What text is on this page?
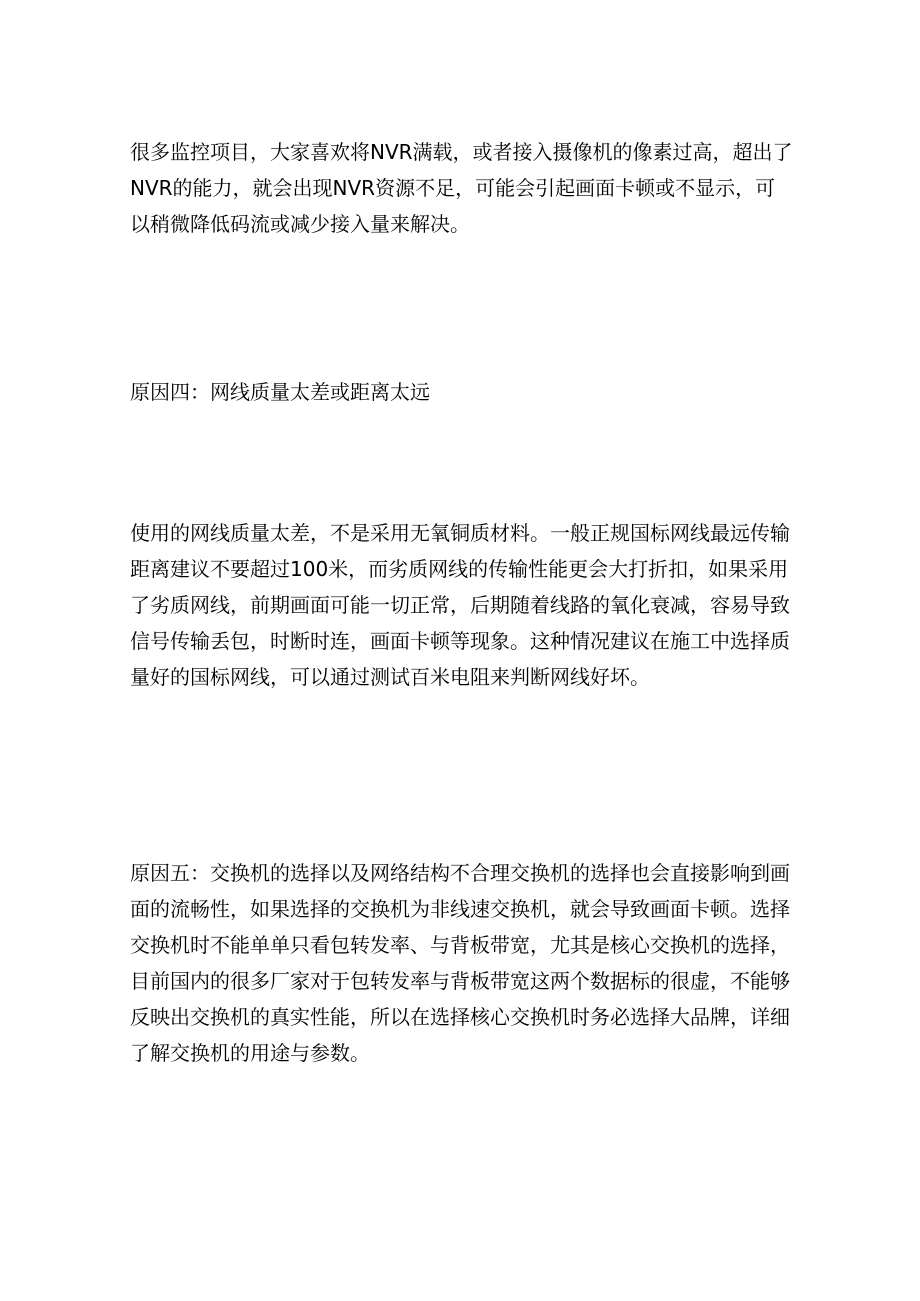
很多监控项目，大家喜欢将NVR满载，或者接入摄像机的像素过高，超出了
NVR的能力，就会出现NVR资源不足，可能会引起画面卡顿或不显示，可
以稍微降低码流或减少接入量来解决。

原因四：网线质量太差或距离太远

使用的网线质量太差，不是采用无氧铜质材料。一般正规国标网线最远传输
距离建议不要超过100米，而劣质网线的传输性能更会大打折扣，如果采用
了劣质网线，前期画面可能一切正常，后期随着线路的氧化衰减，容易导致
信号传输丢包，时断时连，画面卡顿等现象。这种情况建议在施工中选择质
量好的国标网线，可以通过测试百米电阻来判断网线好坏。

原因五：交换机的选择以及网络结构不合理交换机的选择也会直接影响到画
面的流畅性，如果选择的交换机为非线速交换机，就会导致画面卡顿。选择
交换机时不能单单只看包转发率、与背板带宽，尤其是核心交换机的选择，
目前国内的很多厂家对于包转发率与背板带宽这两个数据标的很虚，不能够
反映出交换机的真实性能，所以在选择核心交换机时务必选择大品牌，详细
了解交换机的用途与参数。
